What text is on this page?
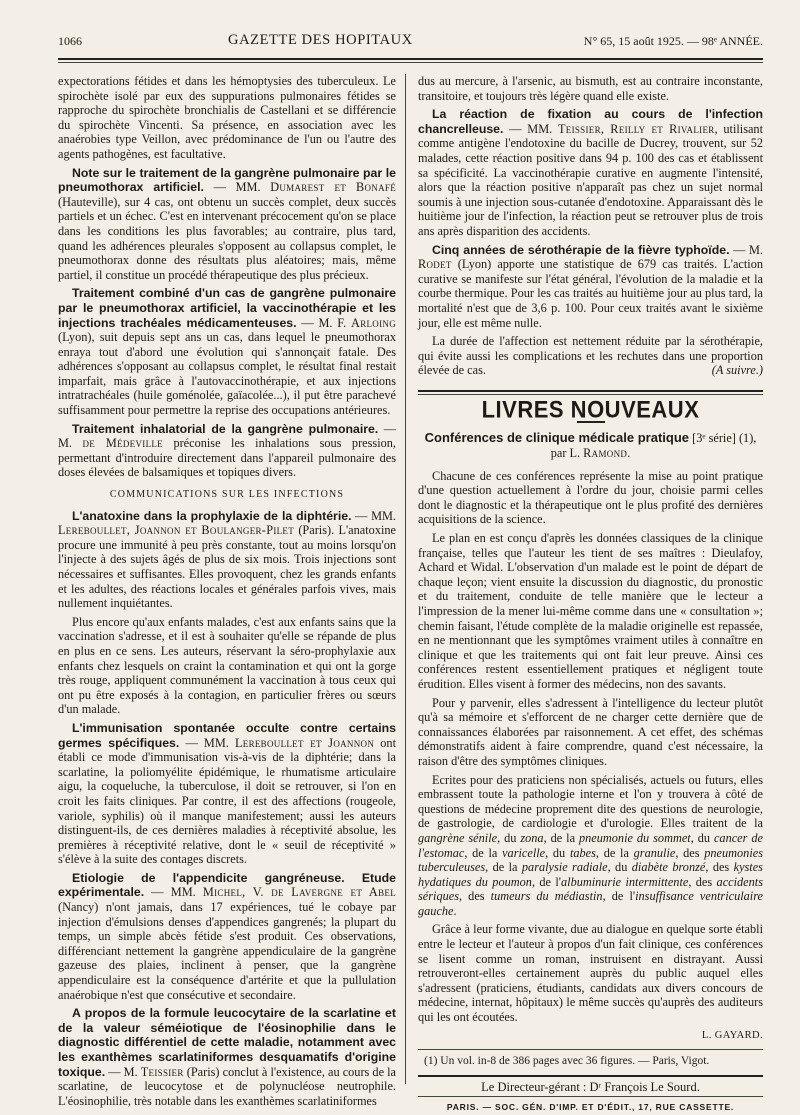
1066	GAZETTE DES HOPITAUX	N° 65, 15 août 1925. — 98ᵉ ANNÉE.

expectorations fétides et dans les hémoptysies des tuberculeux. Le spirochète isolé par eux des suppurations pulmonaires fétides se rapproche du spirochète bronchialis de Castellani et se différencie du spirochète Vincenti. Sa présence, en association avec les anaérobies type Veillon, avec prédominance de l'un ou l'autre des agents pathogènes, est facultative.

Note sur le traitement de la gangrène pulmonaire par le pneumothorax artificiel. — MM. Dumarest et Bonafé (Hauteville), sur 4 cas, ont obtenu un succès complet, deux succès partiels et un échec. C'est en intervenant précocement qu'on se place dans les conditions les plus favorables; au contraire, plus tard, quand les adhérences pleurales s'opposent au collapsus complet, le pneumothorax donne des résultats plus aléatoires; mais, même partiel, il constitue un procédé thérapeutique des plus précieux.

Traitement combiné d'un cas de gangrène pulmonaire par le pneumothorax artificiel, la vaccinothérapie et les injections trachéales médicamenteuses. — M. F. Arloing (Lyon), suit depuis sept ans un cas, dans lequel le pneumothorax enraya tout d'abord une évolution qui s'annonçait fatale. Des adhérences s'opposant au collapsus complet, le résultat final restait imparfait, mais grâce à l'autovaccinothérapie, et aux injections intratrachéales (huile goménolée, gaïacolée...), il put être parachevé suffisamment pour permettre la reprise des occupations antérieures.

Traitement inhalatorial de la gangrène pulmonaire. — M. de Médeville préconise les inhalations sous pression, permettant d'introduire directement dans l'appareil pulmonaire des doses élevées de balsamiques et topiques divers.

COMMUNICATIONS SUR LES INFECTIONS

L'anatoxine dans la prophylaxie de la diphtérie. — MM. Lereboullet, Joannon et Boulanger-Pilet (Paris). L'anatoxine procure une immunité à peu près constante, tout au moins lorsqu'on l'injecte à des sujets âgés de plus de six mois. Trois injections sont nécessaires et suffisantes. Elles provoquent, chez les grands enfants et les adultes, des réactions locales et générales parfois vives, mais nullement inquiétantes.

Plus encore qu'aux enfants malades, c'est aux enfants sains que la vaccination s'adresse, et il est à souhaiter qu'elle se répande de plus en plus en ce sens. Les auteurs, réservant la séro-prophylaxie aux enfants chez lesquels on craint la contamination et qui ont la gorge très rouge, appliquent communément la vaccination à tous ceux qui ont pu être exposés à la contagion, en particulier frères ou sœurs d'un malade.

L'immunisation spontanée occulte contre certains germes spécifiques. — MM. Lereboullet et Joannon ont établi ce mode d'immunisation vis-à-vis de la diphtérie; dans la scarlatine, la poliomyélite épidémique, le rhumatisme articulaire aigu, la coqueluche, la tuberculose, il doit se retrouver, si l'on en croit les faits cliniques. Par contre, il est des affections (rougeole, variole, syphilis) où il manque manifestement; aussi les auteurs distinguent-ils, de ces dernières maladies à réceptivité absolue, les premières à réceptivité relative, dont le « seuil de réceptivité » s'élève à la suite des contages discrets.

Etiologie de l'appendicite gangréneuse. Etude expérimentale. — MM. Michel, V. de Lavergne et Abel (Nancy) n'ont jamais, dans 17 expériences, tué le cobaye par injection d'émulsions denses d'appendices gangrenés; la plupart du temps, un simple abcès fétide s'est produit. Ces observations, différenciant nettement la gangrène appendiculaire de la gangrène gazeuse des plaies, inclinent à penser, que la gangrène appendiculaire est la conséquence d'artérite et que la pullulation anaérobique n'est que consécutive et secondaire.

A propos de la formule leucocytaire de la scarlatine et de la valeur séméiotique de l'éosinophilie dans le diagnostic différentiel de cette maladie, notamment avec les exanthèmes scarlatiniformes desquamatifs d'origine toxique. — M. Teissier (Paris) conclut à l'existence, au cours de la scarlatine, de leucocytose et de polynucléose neutrophile. L'éosinophilie, très notable dans les exanthèmes scarlatiniformes

dus au mercure, à l'arsenic, au bismuth, est au contraire inconstante, transitoire, et toujours très légère quand elle existe.

La réaction de fixation au cours de l'infection chancrelleuse. — MM. Teissier, Reilly et Rivalier, utilisant comme antigène l'endotoxine du bacille de Ducrey, trouvent, sur 52 malades, cette réaction positive dans 94 p. 100 des cas et établissent sa spécificité. La vaccinothérapie curative en augmente l'intensité, alors que la réaction positive n'apparaît pas chez un sujet normal soumis à une injection sous-cutanée d'endotoxine. Apparaissant dès le huitième jour de l'infection, la réaction peut se retrouver plus de trois ans après disparition des accidents.

Cinq années de sérothérapie de la fièvre typhoïde. — M. Rodet (Lyon) apporte une statistique de 679 cas traités. L'action curative se manifeste sur l'état général, l'évolution de la maladie et la courbe thermique. Pour les cas traités au huitième jour au plus tard, la mortalité n'est que de 3,6 p. 100. Pour ceux traités avant le sixième jour, elle est même nulle.

La durée de l'affection est nettement réduite par la sérothérapie, qui évite aussi les complications et les rechutes dans une proportion élevée de cas.	(A suivre.)

LIVRES NOUVEAUX
Conférences de clinique médicale pratique [3ᵉ série] (1),
par L. Ramond.

Chacune de ces conférences représente la mise au point pratique d'une question actuellement à l'ordre du jour, choisie parmi celles dont le diagnostic et la thérapeutique ont le plus profité des dernières acquisitions de la science.

Le plan en est conçu d'après les données classiques de la clinique française, telles que l'auteur les tient de ses maîtres : Dieulafoy, Achard et Widal. L'observation d'un malade est le point de départ de chaque leçon; vient ensuite la discussion du diagnostic, du pronostic et du traitement, conduite de telle manière que le lecteur a l'impression de la mener lui-même comme dans une « consultation »; chemin faisant, l'étude complète de la maladie originelle est repassée, en ne mentionnant que les symptômes vraiment utiles à connaître en clinique et que les traitements qui ont fait leur preuve. Ainsi ces conférences restent essentiellement pratiques et négligent toute érudition. Elles visent à former des médecins, non des savants.

Pour y parvenir, elles s'adressent à l'intelligence du lecteur plutôt qu'à sa mémoire et s'efforcent de ne charger cette dernière que de connaissances élaborées par raisonnement. A cet effet, des schémas démonstratifs aident à faire comprendre, quand c'est nécessaire, la raison d'être des symptômes cliniques.

Ecrites pour des praticiens non spécialisés, actuels ou futurs, elles embrassent toute la pathologie interne et l'on y trouvera à côté de questions de médecine proprement dite des questions de neurologie, de gastrologie, de cardiologie et d'urologie. Elles traitent de la gangrène sénile, du zona, de la pneumonie du sommet, du cancer de l'estomac, de la varicelle, du tabes, de la granulie, des pneumonies tuberculeuses, de la paralysie radiale, du diabète bronzé, des kystes hydatiques du poumon, de l'albuminurie intermittente, des accidents sériques, des tumeurs du médiastin, de l'insuffisance ventriculaire gauche.

Grâce à leur forme vivante, due au dialogue en quelque sorte établi entre le lecteur et l'auteur à propos d'un fait clinique, ces conférences se lisent comme un roman, instruisent en distrayant. Aussi retrouveront-elles certainement auprès du public auquel elles s'adressent (praticiens, étudiants, candidats aux divers concours de médecine, internat, hôpitaux) le même succès qu'auprès des auditeurs qui les ont écoutées.

L. GAYARD.

(1) Un vol. in-8 de 386 pages avec 36 figures. — Paris, Vigot.

Le Directeur-gérant : Dʳ François Le Sourd.
PARIS. — SOC. GÉN. D'IMP. ET D'ÉDIT., 17, RUE CASSETTE.
